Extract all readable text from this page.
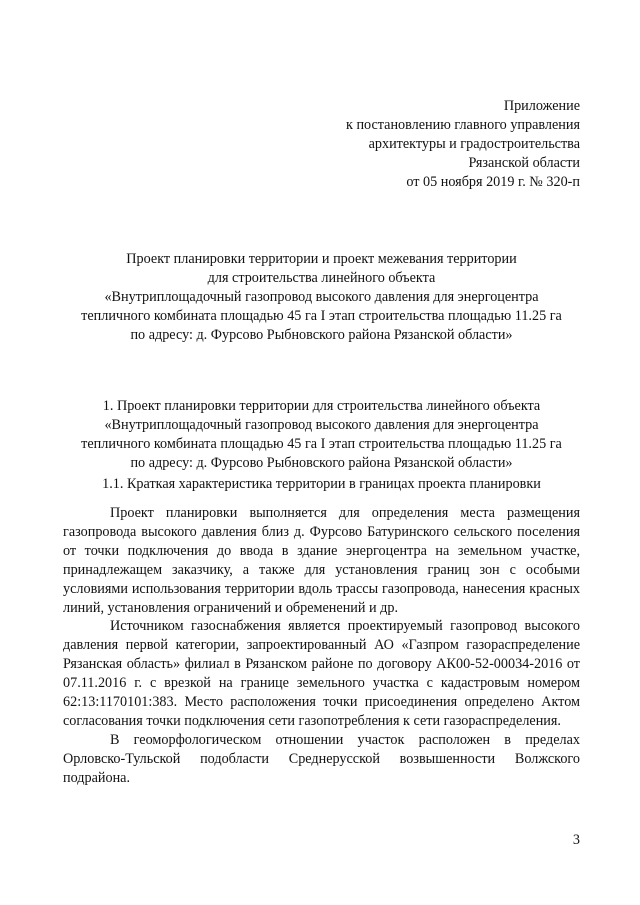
Приложение
к постановлению главного управления
архитектуры и градостроительства
Рязанской области
от 05 ноября 2019 г. № 320-п
Проект планировки территории и проект межевания территории
для строительства линейного объекта
«Внутриплощадочный газопровод высокого давления для энергоцентра
тепличного комбината площадью 45 га I этап строительства площадью 11.25 га
по адресу: д. Фурсово Рыбновского района Рязанской области»
1. Проект планировки территории для строительства линейного объекта
«Внутриплощадочный газопровод высокого давления для энергоцентра
тепличного комбината площадью 45 га I этап строительства площадью 11.25 га
по адресу: д. Фурсово Рыбновского района Рязанской области»
1.1. Краткая характеристика территории в границах проекта планировки

Проект планировки выполняется для определения места размещения газопровода высокого давления близ д. Фурсово Батуринского сельского поселения от точки подключения до ввода в здание энергоцентра на земельном участке, принадлежащем заказчику, а также для установления границ зон с особыми условиями использования территории вдоль трассы газопровода, нанесения красных линий, установления ограничений и обременений и др.

Источником газоснабжения является проектируемый газопровод высокого давления первой категории, запроектированный АО «Газпром газораспределение Рязанская область» филиал в Рязанском районе по договору АК00-52-00034-2016 от 07.11.2016 г. с врезкой на границе земельного участка с кадастровым номером 62:13:1170101:383. Место расположения точки присоединения определено Актом согласования точки подключения сети газопотребления к сети газораспределения.

В геоморфологическом отношении участок расположен в пределах Орловско-Тульской подобласти Среднерусской возвышенности Волжского подрайона.

3
